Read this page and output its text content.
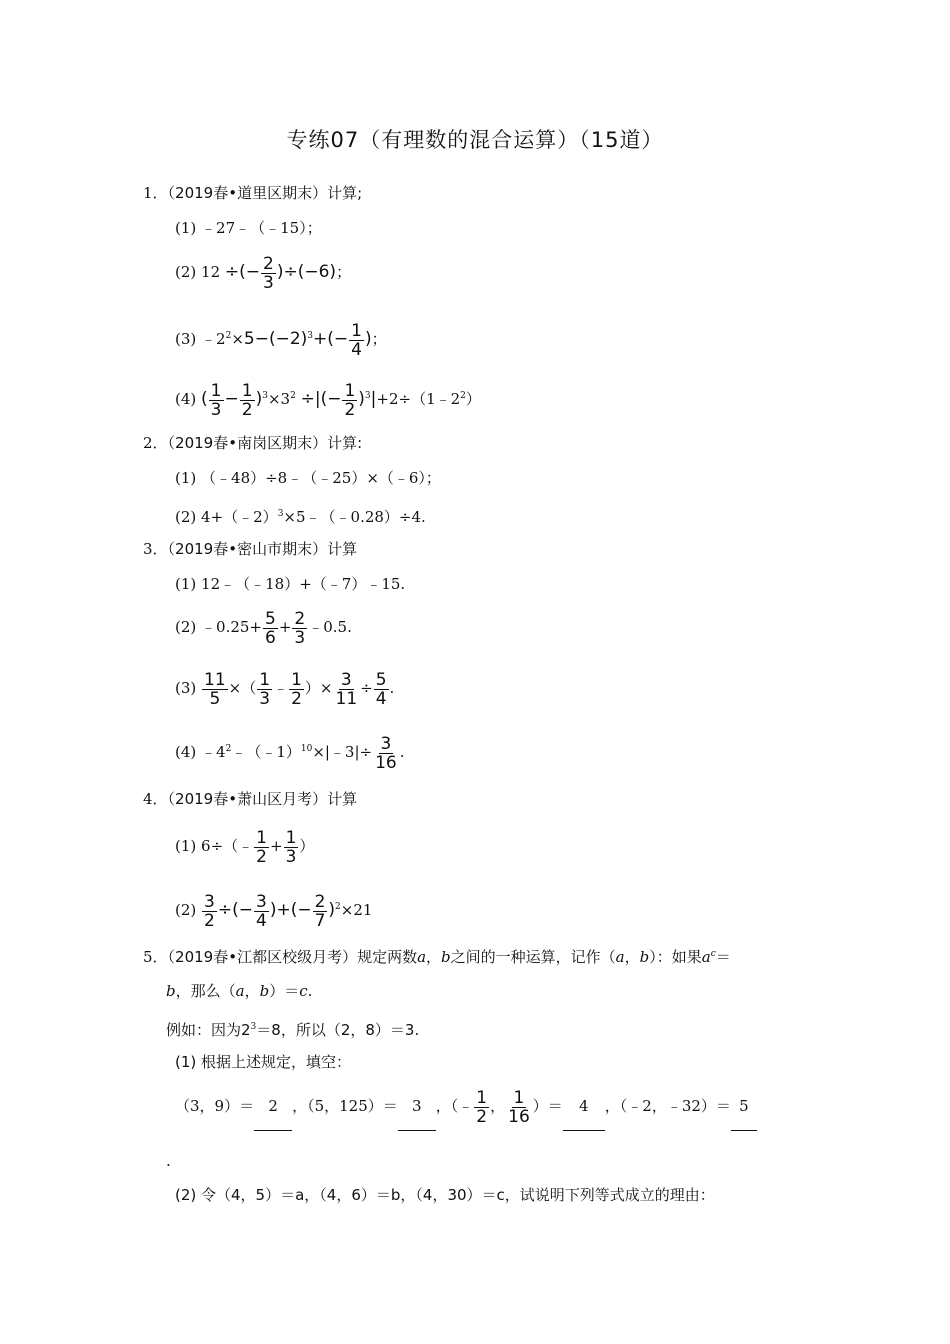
专练07（有理数的混合运算）（15道）
1．（2019春•道里区期末）计算;
(1) ﹣27﹣（﹣15）；
(2) 12 ÷(− $\frac{2}{3} )\div(-6)$；
(3) $﹣2^2\times 5-(-2)^3+(- \frac{1}{4}$ )；
(4) ( $\frac{1}{3} - \frac{1}{2} )^3\times 3^2$ ÷|(− $\frac{1}{2}$ )$^3|+2\div(1﹣2^2)$
2．（2019春•南岗区期末）计算:
(1) （﹣48）÷8﹣（﹣25）×（﹣6）；
(2) 4+（﹣2）$^3$×5﹣（﹣0.28）÷4.
3．（2019春•密山市期末）计算
(1) 12﹣（﹣18）+（﹣7）﹣15.
(2) ﹣0.25+ $\frac{5}{6} + \frac{2}{3}$ ﹣0.5.
$(3) \frac{11}{5}$ ×（ $\frac{1}{3}$ ﹣ $\frac{1}{2}$ ）× $\frac{3}{11} \div \frac{5}{4}$ .
(4) $﹣4^2﹣(﹣1)^{10}\times|﹣3|\div \frac{3}{16}$ .
4．（2019春•萧山区月考）计算
(1) 6÷（﹣ $\frac{1}{2} + \frac{1}{3}$ ）
$(2) \frac{3}{2}$ ÷(− $\frac{3}{4}$ )+(− $\frac{2}{7} )^2\times 21$
5．（2019春•江都区校级月考）规定两数a，b之间的一种运算，记作（a，b）：如果$a^c=$
b，那么（a，b）＝c.
例如：因为$2^3=8$，所以（2，8）＝3.
(1) 根据上述规定，填空：
（3，9）＝ 2 ，（5，125）＝ 3 ，（﹣ $\frac{1}{2}$ ， $\frac{1}{16}$ ）＝ 4 ，（﹣2，﹣32）＝ 5
.
(2) 令（4，5）＝a，（4，6）＝b，（4，30）＝c，试说明下列等式成立的理由：
